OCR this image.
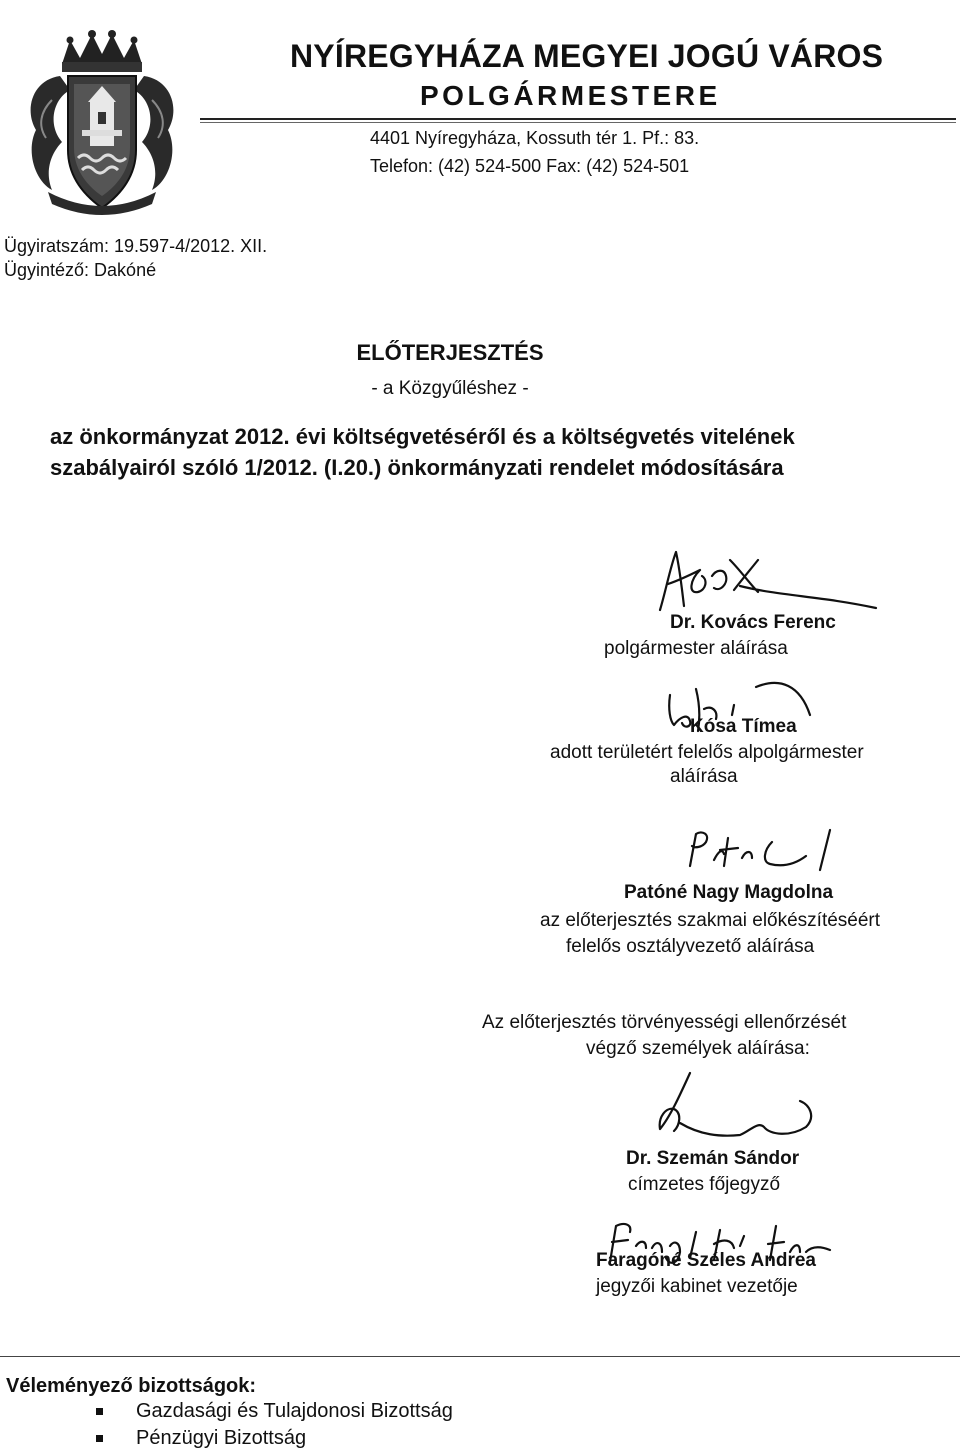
NYÍREGYHÁZA MEGYEI JOGÚ VÁROS
POLGÁRMESTERE
4401 Nyíregyháza, Kossuth tér 1. Pf.: 83.
Telefon: (42) 524-500 Fax: (42) 524-501
Ügyiratszám: 19.597-4/2012. XII.
Ügyintéző: Dakóné
ELŐTERJESZTÉS
- a Közgyűléshez -
az önkormányzat 2012. évi költségvetéséről és a költségvetés vitelének
szabályairól szóló 1/2012. (I.20.) önkormányzati rendelet módosítására
Dr. Kovács Ferenc
polgármester aláírása
Kósa Tímea
adott területért felelős alpolgármester
aláírása
Patóné Nagy Magdolna
az előterjesztés szakmai előkészítéséért
felelős osztályvezető aláírása
Az előterjesztés törvényességi ellenőrzését
végző személyek aláírása:
Dr. Szemán Sándor
címzetes főjegyző
Faragóné Széles Andrea
jegyzői kabinet vezetője
Véleményező bizottságok:
Gazdasági és Tulajdonosi Bizottság
Pénzügyi Bizottság
